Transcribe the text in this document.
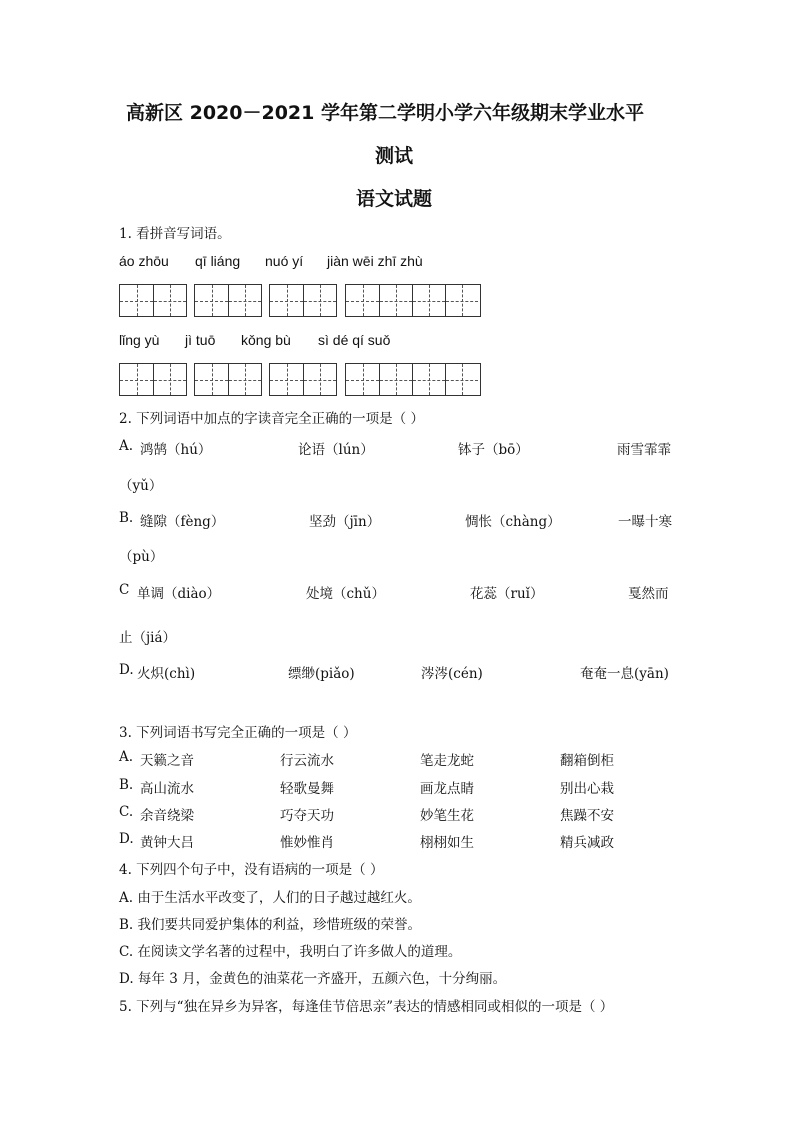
高新区 2020－2021 学年第二学明小学六年级期末学业水平
测试
语文试题
1. 看拼音写词语。
áo zhōu qī liáng nuó yí jiàn wēi zhī zhù
lǐng yù jì tuō kǒng bù sì dé qí suǒ
2. 下列词语中加点的字读音完全正确的一项是（ ）
A. 鸿鹄（hú）	论语（lún）	钵子（bō）	雨雪霏霏
（yǔ）
B. 缝隙（fèng）	坚劲（jīn）	惆怅（chàng）	一曝十寒
（pù）
C 单调（diào）	处境（chǔ）	花蕊（ruǐ）	戛然而
止（jiá）
D. 火炽(chì)	缥缈(piǎo)	涔涔(cén)	奄奄一息(yān)
3. 下列词语书写完全正确的一项是（ ）
A. 天籁之音	行云流水	笔走龙蛇	翻箱倒柜
B. 高山流水	轻歌曼舞	画龙点睛	别出心栽
C. 余音绕梁	巧夺天功	妙笔生花	焦躁不安
D. 黄钟大吕	惟妙惟肖	栩栩如生	精兵减政
4. 下列四个句子中，没有语病的一项是（ ）
A. 由于生活水平改变了，人们的日子越过越红火。
B. 我们要共同爱护集体的利益，珍惜班级的荣誉。
C. 在阅读文学名著的过程中，我明白了许多做人的道理。
D. 每年 3 月，金黄色的油菜花一齐盛开，五颜六色，十分绚丽。
5. 下列与“独在异乡为异客，每逢佳节倍思亲”表达的情感相同或相似的一项是（ ）
